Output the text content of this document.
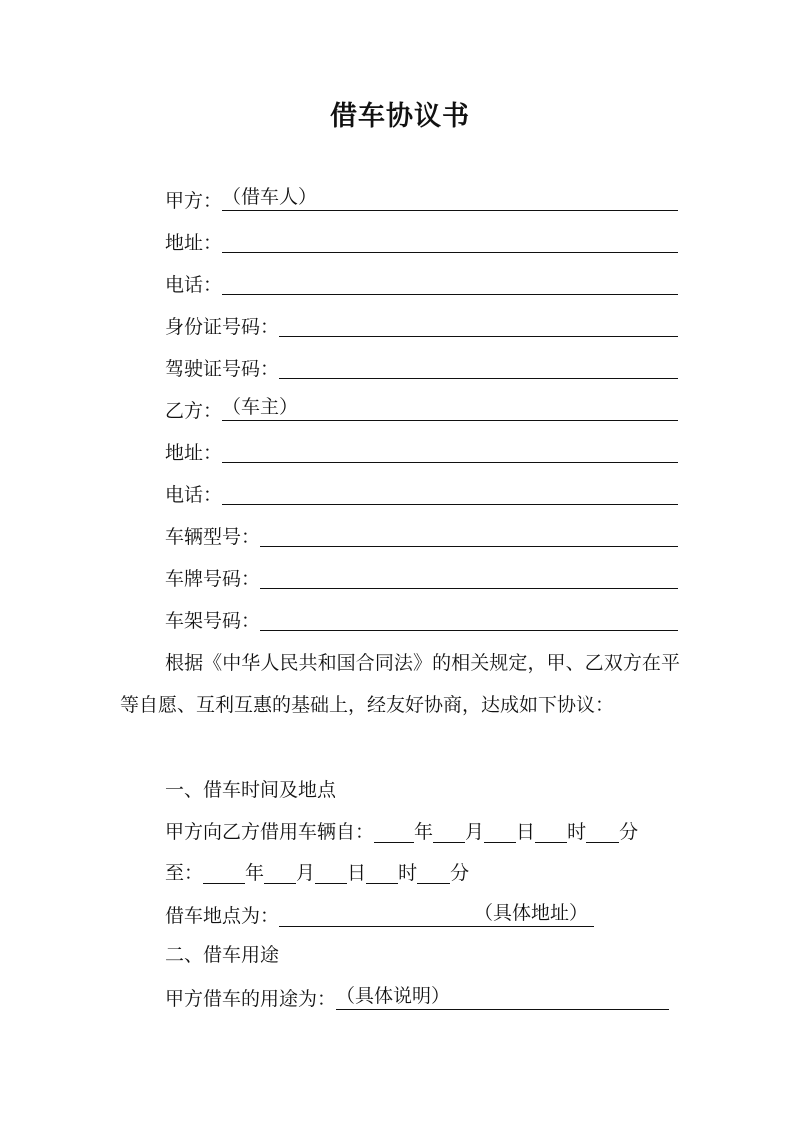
借车协议书
甲方： （借车人）
地址：
电话：
身份证号码：
驾驶证号码：
乙方： （车主）
地址：
电话：
车辆型号：
车牌号码：
车架号码：

根据《中华人民共和国合同法》的相关规定，甲、乙双方在平等自愿、互利互惠的基础上，经友好协商，达成如下协议：

一、借车时间及地点
甲方向乙方借用车辆自： 年 月 日 时 分
至： 年 月 日 时 分
借车地点为：	（具体地址）
二、借车用途
甲方借车的用途为： （具体说明）
